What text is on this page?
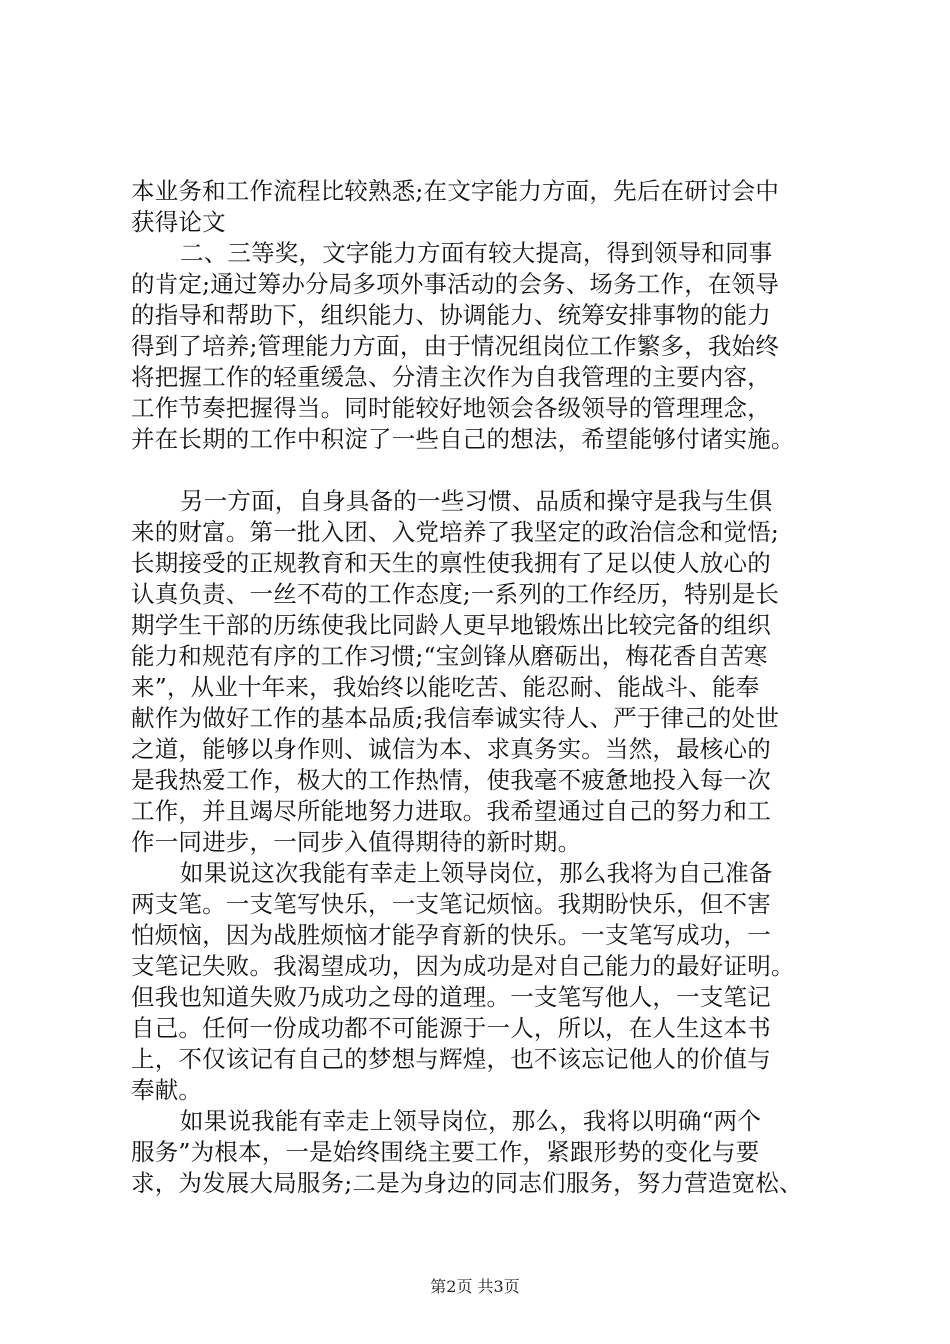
本业务和工作流程比较熟悉;在文字能力方面，先后在研讨会中
获得论文
二、三等奖，文字能力方面有较大提高，得到领导和同事
的肯定;通过筹办分局多项外事活动的会务、场务工作，在领导
的指导和帮助下，组织能力、协调能力、统筹安排事物的能力
得到了培养;管理能力方面，由于情况组岗位工作繁多，我始终
将把握工作的轻重缓急、分清主次作为自我管理的主要内容，
工作节奏把握得当。同时能较好地领会各级领导的管理理念，
并在长期的工作中积淀了一些自己的想法，希望能够付诸实施。
另一方面，自身具备的一些习惯、品质和操守是我与生俱
来的财富。第一批入团、入党培养了我坚定的政治信念和觉悟;
长期接受的正规教育和天生的禀性使我拥有了足以使人放心的
认真负责、一丝不苟的工作态度;一系列的工作经历，特别是长
期学生干部的历练使我比同龄人更早地锻炼出比较完备的组织
能力和规范有序的工作习惯;“宝剑锋从磨砺出，梅花香自苦寒
来”，从业十年来，我始终以能吃苦、能忍耐、能战斗、能奉
献作为做好工作的基本品质;我信奉诚实待人、严于律己的处世
之道，能够以身作则、诚信为本、求真务实。当然，最核心的
是我热爱工作，极大的工作热情，使我毫不疲惫地投入每一次
工作，并且竭尽所能地努力进取。我希望通过自己的努力和工
作一同进步，一同步入值得期待的新时期。
如果说这次我能有幸走上领导岗位，那么我将为自己准备
两支笔。一支笔写快乐，一支笔记烦恼。我期盼快乐，但不害
怕烦恼，因为战胜烦恼才能孕育新的快乐。一支笔写成功，一
支笔记失败。我渴望成功，因为成功是对自己能力的最好证明。
但我也知道失败乃成功之母的道理。一支笔写他人，一支笔记
自己。任何一份成功都不可能源于一人，所以，在人生这本书
上，不仅该记有自己的梦想与辉煌，也不该忘记他人的价值与
奉献。
如果说我能有幸走上领导岗位，那么，我将以明确“两个
服务”为根本，一是始终围绕主要工作，紧跟形势的变化与要
求，为发展大局服务;二是为身边的同志们服务，努力营造宽松、
第2页 共3页
